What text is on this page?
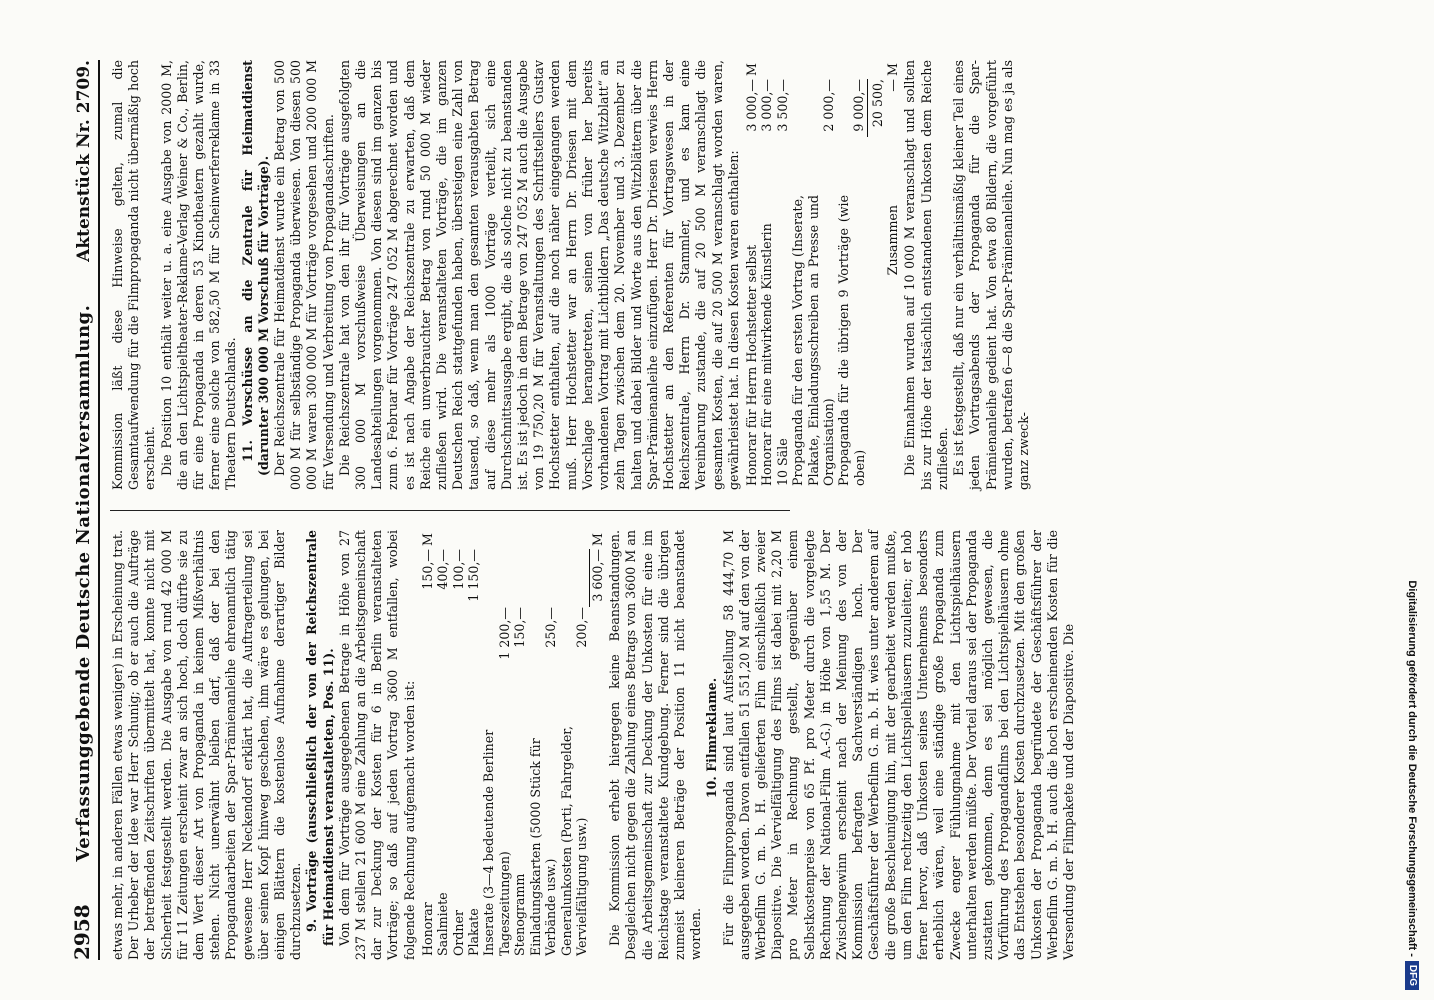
2958
Verfassunggebende Deutsche Nationalversammlung.
Aktenstück Nr. 2709.

etwas mehr, in anderen Fällen etwas weniger) in Erscheinung trat. Der Urheber der Idee war Herr Schunig; ob er auch die Aufträge der betreffenden Zeitschriften übermittelt hat, konnte nicht mit Sicherheit festgestellt werden. Die Ausgabe von rund 42 000 M für 11 Zeitungen erscheint zwar an sich hoch, doch dürfte sie zu dem Wert dieser Art von Propaganda in keinem Mißverhältnis stehen. Nicht unerwähnt bleiben darf, daß der bei den Propagandaarbeiten der Spar-Prämienanleihe ehrenamtlich tätig gewesene Herr Neckendorf erklärt hat, die Auftragerteilung sei über seinen Kopf hinweg geschehen, ihm wäre es gelungen, bei einigen Blättern die kostenlose Aufnahme derartiger Bilder durchzusetzen. 9. Vorträge (ausschließlich der von der Reichszentrale für Heimatdienst veranstalteten, Pos. 11). Von dem für Vorträge ausgegebenen Betrage in Höhe von 27 237 M stellen 21 600 M eine Zahlung an die Arbeitsgemeinschaft dar zur Deckung der Kosten für 6 in Berlin veranstalteten Vorträge; so daß auf jeden Vortrag 3600 M entfallen, wobei folgende Rechnung aufgemacht worden ist: Honorar		150,—	M
Saalmiete		400,—	
Ordner		100,—	
Plakate		1 150,—	
Inserate (3—4 bedeutende Berliner			
Tageszeitungen)	1 200,—		
Stenogramm	150,—		
Einladungskarten (5000 Stück für			
Verbände usw.)	250,—		
Generalunkosten (Porti, Fahrgelder,			
Vervielfältigung usw.)	200,—		
		3 600,—	M Die Kommission erhebt hiergegen keine Beanstandungen. Desgleichen nicht gegen die Zahlung eines Betrags von 3600 M an die Arbeitsgemeinschaft zur Deckung der Unkosten für eine im Reichstage veranstaltete Kundgebung. Ferner sind die übrigen zumeist kleineren Beträge der Position 11 nicht beanstandet worden.

10. Filmreklame. Für die Filmpropaganda sind laut Aufstellung 58 444,70 M ausgegeben worden. Davon entfallen 51 551,20 M auf den von der Werbefilm G. m. b. H. gelieferten Film einschließlich zweier Diapositive. Die Vervielfältigung des Films ist dabei mit 2,20 M pro Meter in Rechnung gestellt, gegenüber einem Selbstkostenpreise von 65 Pf. pro Meter durch die vorgelegte Rechnung der National-Film A.-G.) in Höhe von 1,55 M. Der Zwischengewinn erscheint nach der Meinung des von der Kommission befragten Sachverständigen hoch. Der Geschäftsführer der Werbefilm G. m. b. H. wies unter anderem auf die große Beschleunigung hin, mit der gearbeitet werden mußte, um den Film rechtzeitig den Lichtspielhäusern zuzuleiten; er hob ferner hervor, daß Unkosten seines Unternehmens besonders erheblich wären, weil eine ständige große Propaganda zum Zwecke enger Fühlungnahme mit den Lichtspielhäusern unterhalten werden müßte. Der Vorteil daraus sei der Propaganda zustatten gekommen, denn es sei möglich gewesen, die Vorführung des Propagandafilms bei den Lichtspielhäusern ohne das Entstehen besonderer Kosten durchzusetzen. Mit den großen Unkosten der Propaganda begründete der Geschäftsführer der Werbefilm G. m. b. H. auch die hoch erscheinenden Kosten für die Versendung der Filmpakete und der Diapositive. Die

Kommission läßt diese Hinweise gelten, zumal die Gesamtaufwendung für die Filmpropaganda nicht übermäßig hoch erscheint. Die Position 10 enthält weiter u. a. eine Ausgabe von 2000 M, die an den Lichtspieltheater-Reklame-Verlag Weiner & Co., Berlin, für eine Propaganda in deren 53 Kinotheatern gezahlt wurde, ferner eine solche von 582,50 M für Scheinwerferreklame in 33 Theatern Deutschlands. 11. Vorschüsse an die Zentrale für Heimatdienst (darunter 300 000 M Vorschuß für Vorträge). Der Reichszentrale für Heimatdienst wurde ein Betrag von 500 000 M für selbständige Propaganda überwiesen. Von diesen 500 000 M waren 300 000 M für Vorträge vorgesehen und 200 000 M für Versendung und Verbreitung von Propagandaschriften. Die Reichszentrale hat von den ihr für Vorträge ausgefolgten 300 000 M vorschußweise Überweisungen an die Landesabteilungen vorgenommen. Von diesen sind im ganzen bis zum 6. Februar für Vorträge 247 052 M abgerechnet worden und es ist nach Angabe der Reichszentrale zu erwarten, daß dem Reiche ein unverbrauchter Betrag von rund 50 000 M wieder zufließen wird. Die veranstalteten Vorträge, die im ganzen Deutschen Reich stattgefunden haben, übersteigen eine Zahl von tausend, so daß, wenn man den gesamten verausgabten Betrag auf diese mehr als 1000 Vorträge verteilt, sich eine Durchschnittsausgabe ergibt, die als solche nicht zu beanstanden ist. Es ist jedoch in dem Betrage von 247 052 M auch die Ausgabe von 19 750,20 M für Veranstaltungen des Schriftstellers Gustav Hochstetter enthalten, auf die noch näher eingegangen werden muß. Herr Hochstetter war an Herrn Dr. Driesen mit dem Vorschlage herangetreten, seinen von früher her bereits vorhandenen Vortrag mit Lichtbildern „Das deutsche Witzblatt“ an zehn Tagen zwischen dem 20. November und 3. Dezember zu halten und dabei Bilder und Worte aus den Witzblättern über die Spar-Prämienanleihe einzufügen. Herr Dr. Driesen verwies Herrn Hochstetter an den Referenten für Vortragswesen in der Reichszentrale, Herrn Dr. Stammler, und es kam eine Vereinbarung zustande, die auf 20 500 M veranschlagt die gesamten Kosten, die auf 20 500 M veranschlagt worden waren, gewährleistet hat. In diesen Kosten waren enthalten: Honorar für Herrn Hochstetter selbst		3 000,—	M
Honorar für eine mitwirkende Künstlerin		3 000,—	
10 Säle		3 500,—	
Propaganda für den ersten Vortrag (Inserate, Plakate, Einladungsschreiben an Presse und Organisation)		2 000,—	
Propaganda für die übrigen 9 Vorträge (wie oben)		9 000,—	
Zusammen		20 500,—	M Die Einnahmen wurden auf 10 000 M veranschlagt und sollten bis zur Höhe der tatsächlich entstandenen Unkosten dem Reiche zufließen. Es ist festgestellt, daß nur ein verhältnismäßig kleiner Teil eines jeden Vortragsabends der Propaganda für die Spar-Prämienanleihe gedient hat. Von etwa 80 Bildern, die vorgeführt wurden, betrafen 6—8 die Spar-Prämienanleihe. Nun mag es ja als ganz zweck-

Digitalisierung gefördert durch die Deutsche Forschungsgemeinschaft -
DFG
